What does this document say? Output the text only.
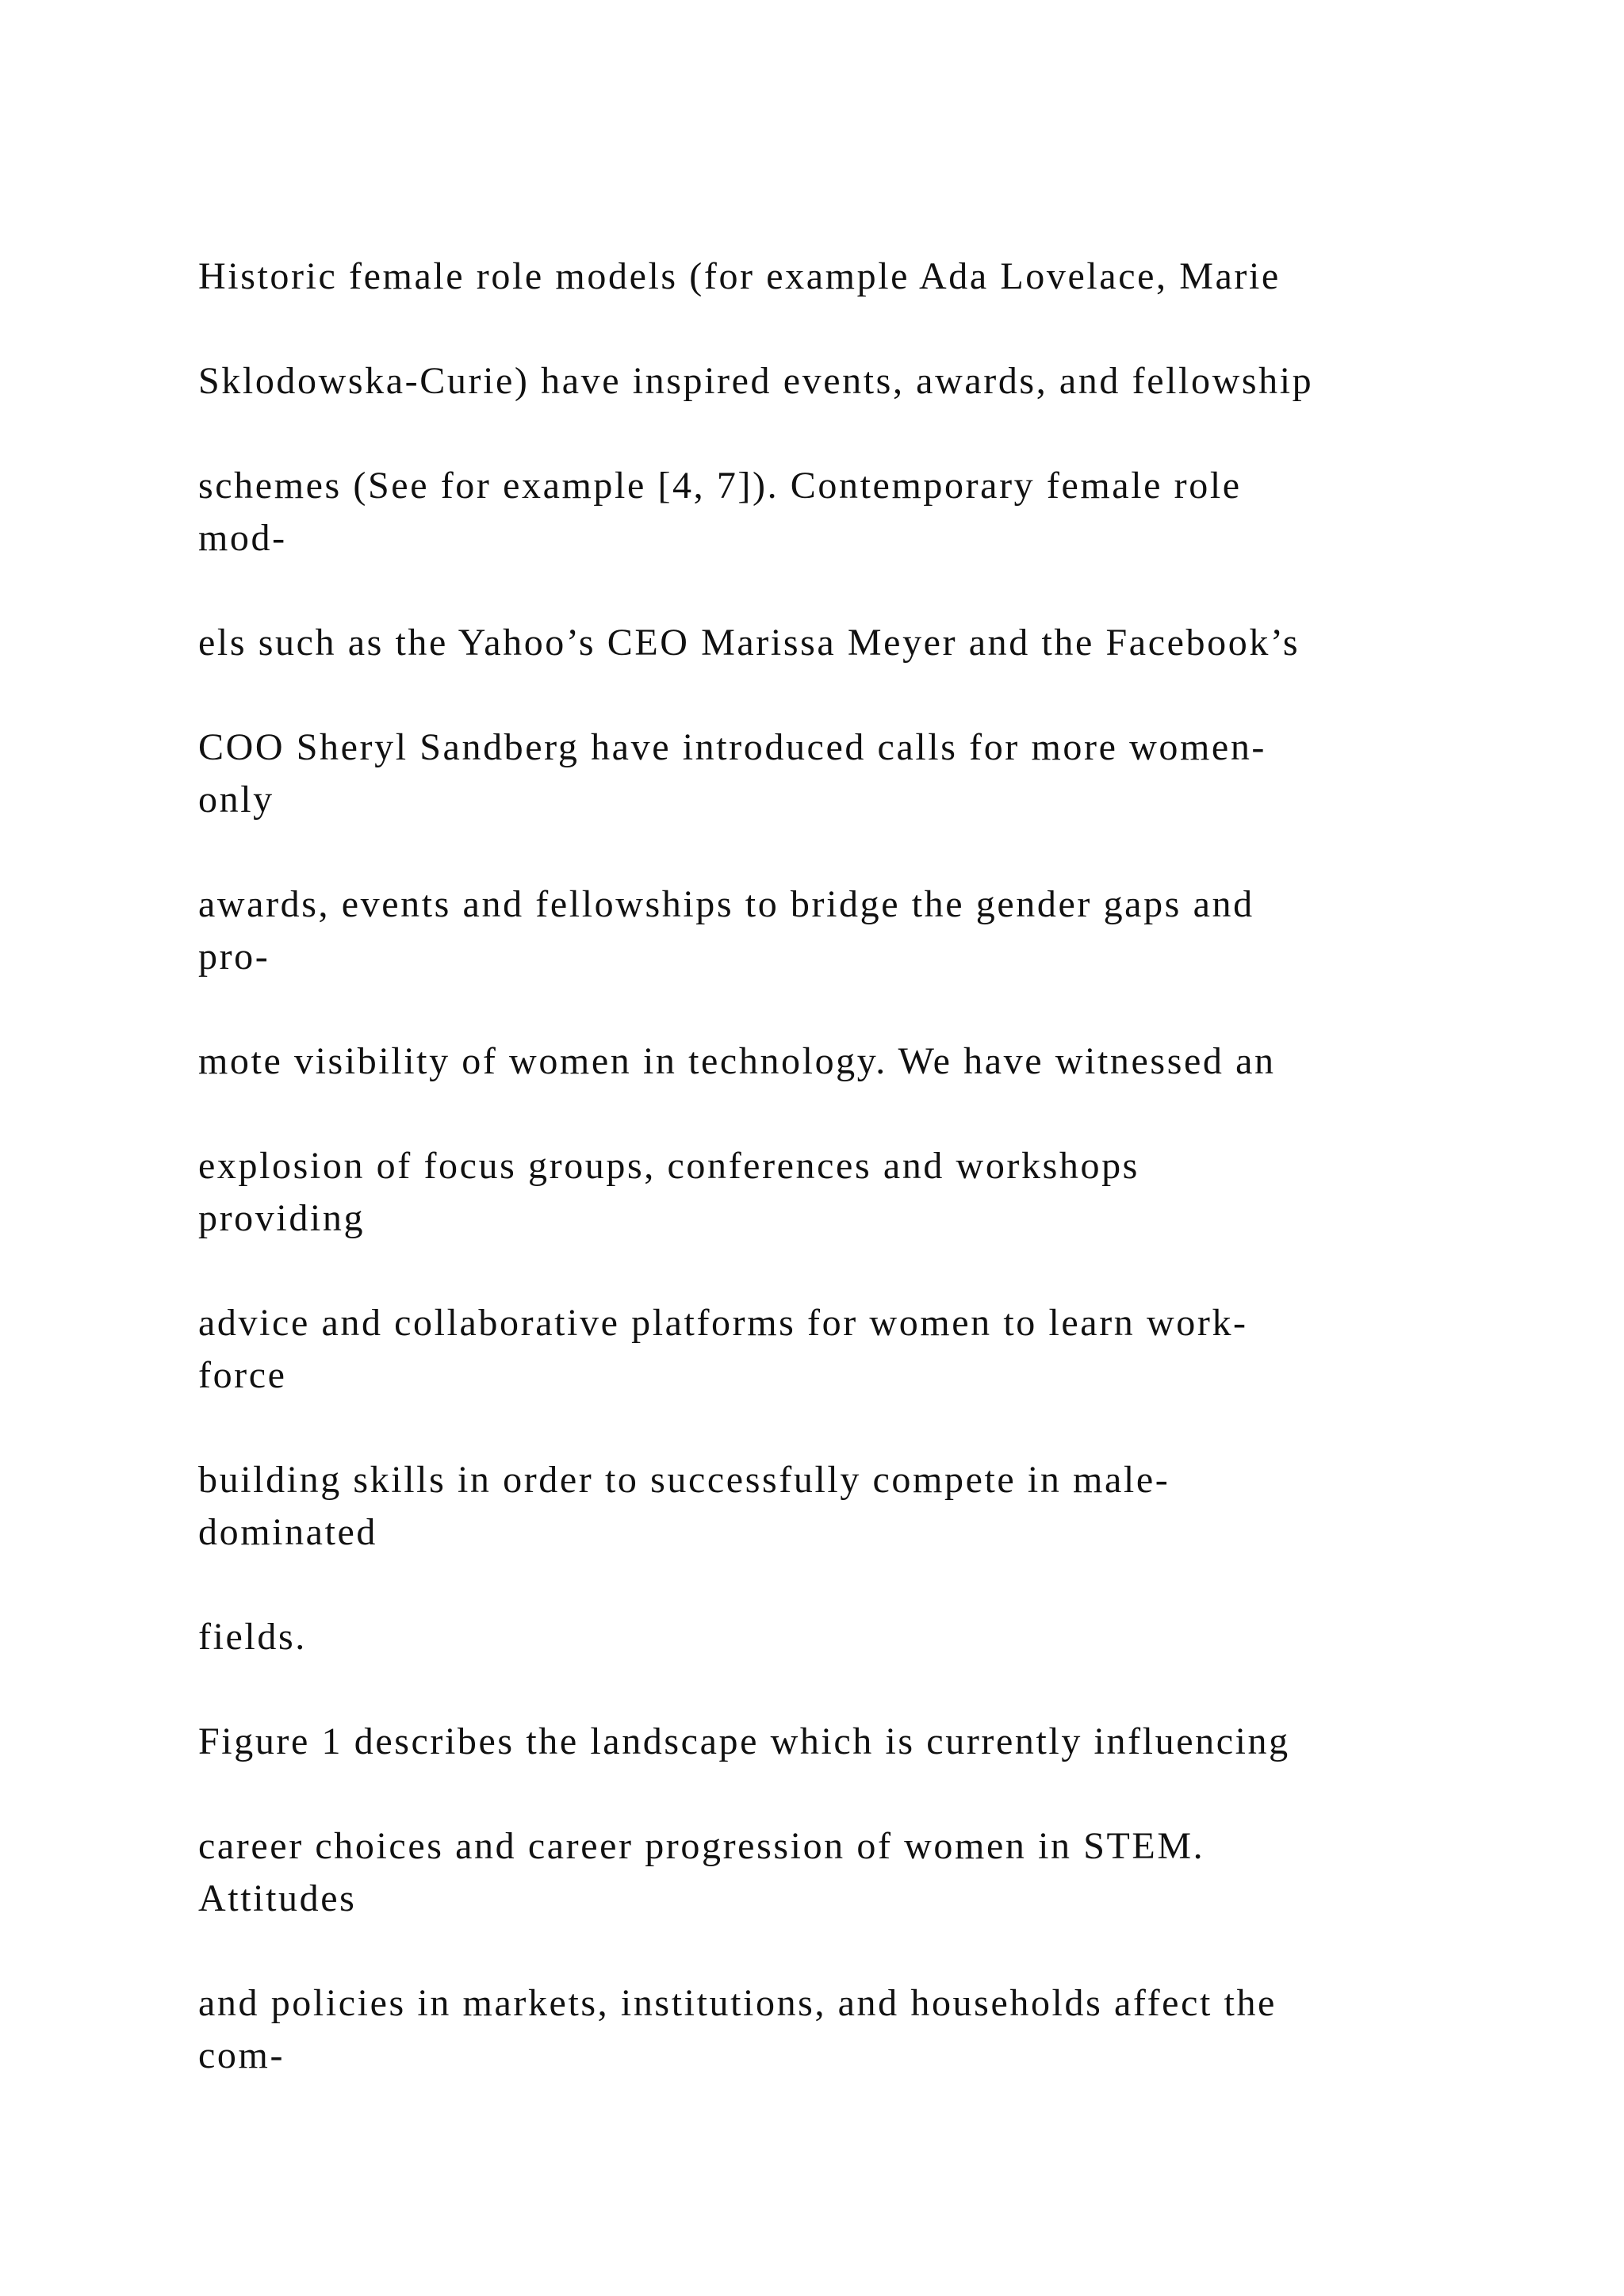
Historic female role models (for example Ada Lovelace, Marie

Sklodowska-Curie) have inspired events, awards, and fellowship

schemes (See for example [4, 7]). Contemporary female role
mod-

els such as the Yahoo’s CEO Marissa Meyer and the Facebook’s

COO Sheryl Sandberg have introduced calls for more women-
only

awards, events and fellowships to bridge the gender gaps and
pro-

mote visibility of women in technology. We have witnessed an

explosion of focus groups, conferences and workshops
providing

advice and collaborative platforms for women to learn work-
force

building skills in order to successfully compete in male-
dominated

fields.

Figure 1 describes the landscape which is currently influencing

career choices and career progression of women in STEM.
Attitudes

and policies in markets, institutions, and households affect the
com-
